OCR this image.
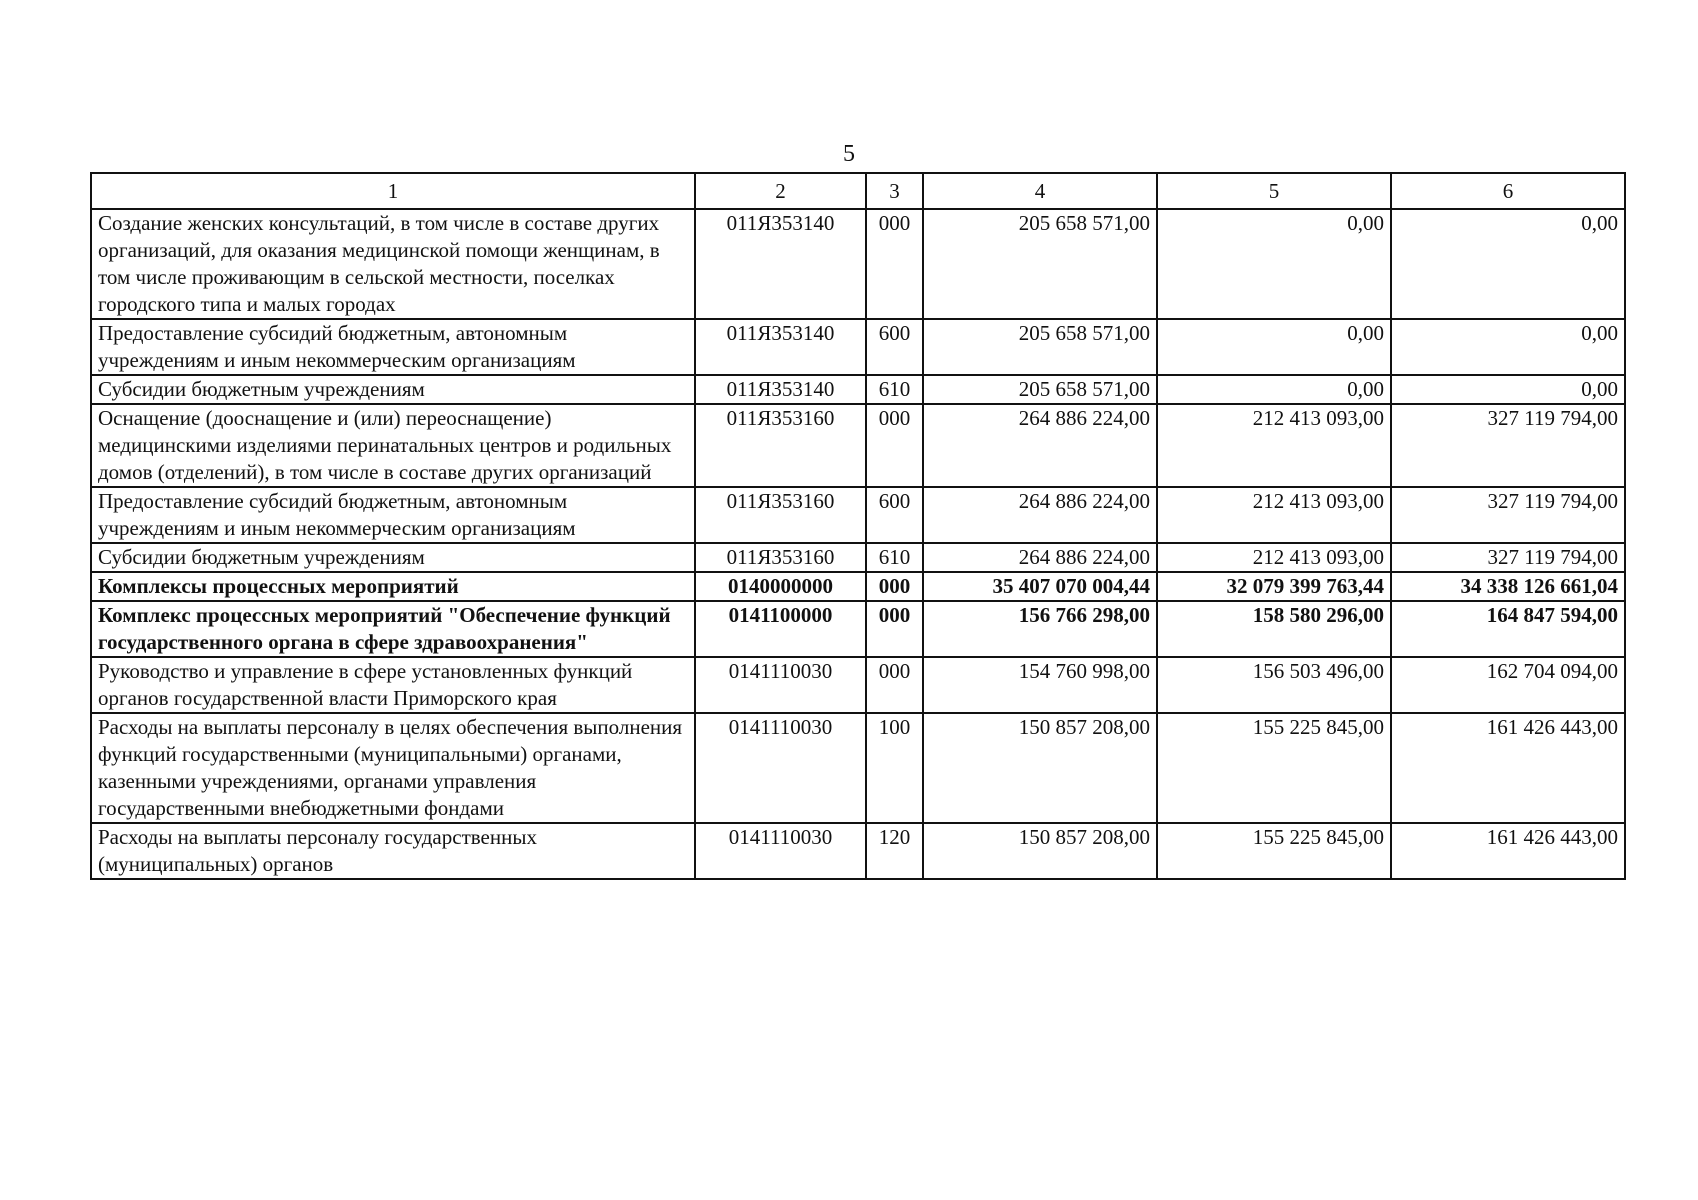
5
1	2	3	4	5	6
Создание женских консультаций, в том числе в составе других организаций, для оказания медицинской помощи женщинам, в том числе проживающим в сельской местности, поселках городского типа и малых городах	011Я353140	000	205 658 571,00	0,00	0,00
Предоставление субсидий бюджетным, автономным учреждениям и иным некоммерческим организациям	011Я353140	600	205 658 571,00	0,00	0,00
Субсидии бюджетным учреждениям	011Я353140	610	205 658 571,00	0,00	0,00
Оснащение (дооснащение и (или) переоснащение) медицинскими изделиями перинатальных центров и родильных домов (отделений), в том числе в составе других организаций	011Я353160	000	264 886 224,00	212 413 093,00	327 119 794,00
Предоставление субсидий бюджетным, автономным учреждениям и иным некоммерческим организациям	011Я353160	600	264 886 224,00	212 413 093,00	327 119 794,00
Субсидии бюджетным учреждениям	011Я353160	610	264 886 224,00	212 413 093,00	327 119 794,00
Комплексы процессных мероприятий	0140000000	000	35 407 070 004,44	32 079 399 763,44	34 338 126 661,04
Комплекс процессных мероприятий "Обеспечение функций государственного органа в сфере здравоохранения"	0141100000	000	156 766 298,00	158 580 296,00	164 847 594,00
Руководство и управление в сфере установленных функций органов государственной власти Приморского края	0141110030	000	154 760 998,00	156 503 496,00	162 704 094,00
Расходы на выплаты персоналу в целях обеспечения выполнения функций государственными (муниципальными) органами, казенными учреждениями, органами управления государственными внебюджетными фондами	0141110030	100	150 857 208,00	155 225 845,00	161 426 443,00
Расходы на выплаты персоналу государственных (муниципальных) органов	0141110030	120	150 857 208,00	155 225 845,00	161 426 443,00
